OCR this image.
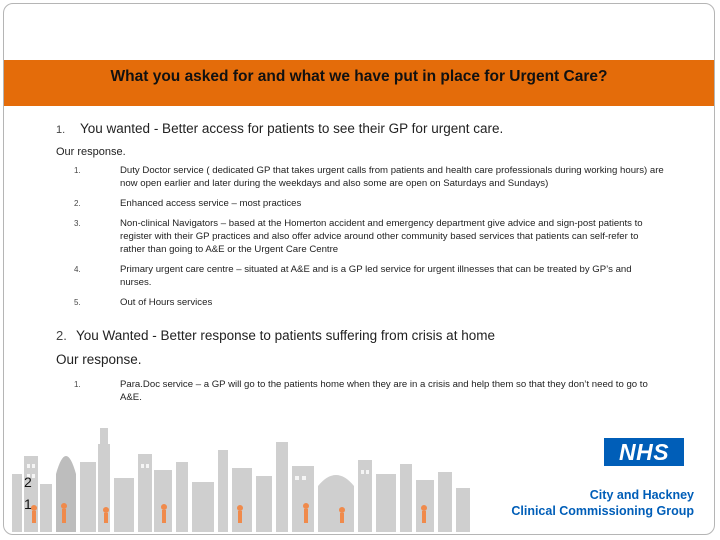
What you asked for and what we have put in place for Urgent Care?
1. You wanted - Better access for patients to see their GP for urgent care.
Our response.
1.	Duty Doctor service ( dedicated GP that takes urgent calls from patients and health care professionals during working hours) are now open earlier and later during the weekdays and also some are open on Saturdays and Sundays)
2.	Enhanced access service – most practices
3.	Non-clinical Navigators – based at the Homerton accident and emergency department give advice and sign-post patients to register with their GP practices and also offer advice around other community based services that patients can self-refer to rather than going to A&E or the Urgent Care Centre
4.	Primary urgent care centre – situated at A&E and is a GP led service for urgent illnesses that can be treated by GP’s and nurses.
5.	Out of Hours services
2. You Wanted - Better response to patients suffering from crisis at home
Our response.
1.	Para.Doc service – a GP will go to the patients home when they are in a crisis and help them so that they don’t need to go to A&E.
NHS
City and Hackney
Clinical Commissioning Group
2
1
